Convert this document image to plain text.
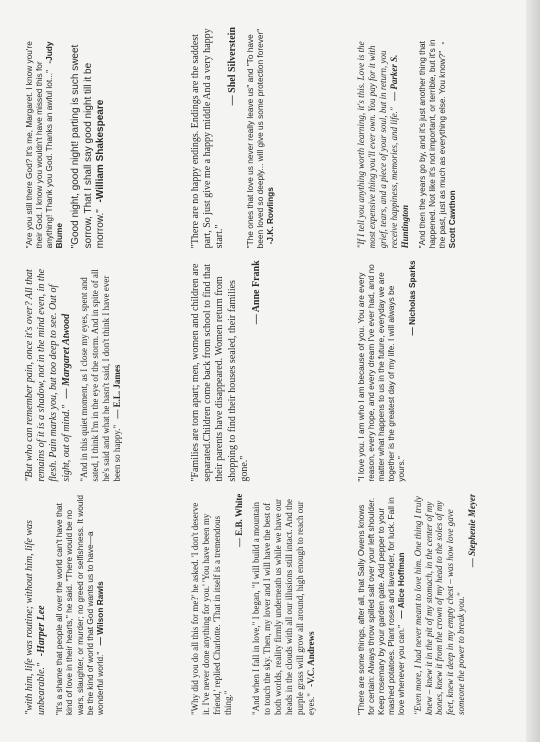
"with him, life was routine; without him, life was unbearable." -Harper Lee "It's a shame that people all over the world can't have that kind of love in their hearts," he said. "There would be no wars, slaughter, or murder; no greed or selfishness. It would be the kind of world that God wants us to have—a wonderful world." — Wilson Rawls

"But who can remember pain, once it's over? All that remains of it is a shadow, not in the mind even, in the flesh. Pain marks you, but too deep to see. Out of sight, out of mind." — Margaret Atwood "And in this quiet moment, as I close my eyes, spent and sated, I think I'm in the eye of the storm. And in spite of all he's said and what he hasn't said, I don't think I have ever been so happy." — E.L. James

"Are you still there God? It's me, Margaret. I know you're their God. I know you wouldn't have missed this for anything! Thank you God. Thanks an awful lot..." -Judy Blume "Good night, good night! parting is such sweet sorrow, That I shall say good night till it be morrow." -William Shakespeare

"Why did you do all this for me?' he asked. 'I don't deserve it. I've never done anything for you.' 'You have been my friend,' replied Charlotte. 'That in itself is a tremendous thing."
— E.B. White "And when I fall in love," I began, "I will build a mountain to touch the sky. Then, my lover and I will have the best of both worlds, reality firmly underneath us while we have our heads in the clouds with all our illusions still intact. And the purple grass will grow all around, high enough to reach our eyes." -V.C. Andrews

"Families are torn apart; men, women and children are separated.Children come back from school to find that their parents have disappeared. Women return from shopping to find their houses sealed, their families gone."
— Anne Frank

"There are no happy endings. Endings are the saddest part, So just give me a happy middle And a very happy start."
— Shel Silverstein "The ones that love us never really leave us" and "To have been loved so deeply... will give us some protection forever" -J.K. Rowlings

"There are some things, after all, that Sally Owens knows for certain: Always throw spilled salt over your left shoulder. Keep rosemary by your garden gate. Add pepper to your mashed potatoes. Plant roses and lavender, for luck. Fall in love whenever you can." — Alice Hoffman "Even more, I had never meant to love him. One thing I truly knew – knew it in the pit of my stomach, in the center of my bones, knew it from the crown of my head to the soles of my feet, knew it deep in my empty chest – was how love gave someone the power to break you."
— Stephenie Meyer

"I love you. I am who I am because of you. You are every reason, every hope, and every dream I've ever had, and no matter what happens to us in the future, everyday we are together is the greatest day of my life. I will always be yours."
— Nicholas Sparks

"If I tell you anything worth learning, it's this. Love is the most expensive thing you'll ever own. You pay for it with grief, tears, and a piece of your soul, but in return, you receive happiness, memories, and life." — Parker S. Huntington "And then the years go by, and it's just another thing that happened. Not like it's not important, or terrible, but it's in the past, just as much as everything else. You know?" -Scott Cawthon
